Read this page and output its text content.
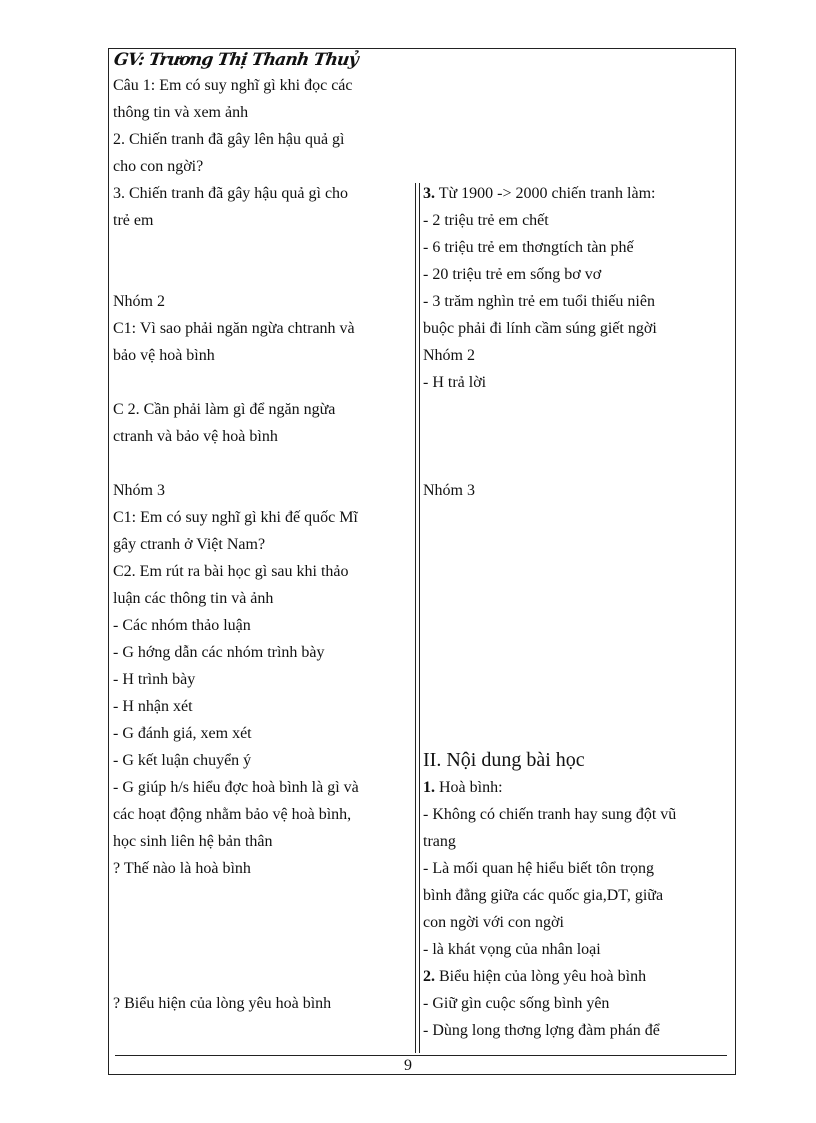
GV: Trương Thị Thanh Thuỷ
Câu 1: Em có suy nghĩ gì khi đọc các
thông tin và xem ảnh
2. Chiến tranh đã gây lên hậu quả gì
cho con ngời?
3. Chiến tranh đã gây hậu quả gì cho
trẻ em
Nhóm 2
C1: Vì sao phải ngăn ngừa chtranh và
bảo vệ hoà bình
C 2. Cần phải làm gì để ngăn ngừa
ctranh và bảo vệ hoà bình
Nhóm 3
C1: Em có suy nghĩ gì khi đế quốc Mĩ
gây ctranh ở Việt Nam?
C2. Em rút ra bài học gì sau khi thảo
luận các thông tin và ảnh
- Các nhóm thảo luận
- G hớng dẫn các nhóm trình bày
- H trình bày
- H nhận xét
- G đánh giá, xem xét
- G kết luận chuyển ý
- G giúp h/s hiểu đợc hoà bình là gì và
các hoạt động nhằm bảo vệ hoà bình,
học sinh liên hệ bản thân
? Thế nào là hoà bình
? Biểu hiện của lòng yêu hoà bình
3. Từ 1900 -> 2000 chiến tranh làm:
- 2 triệu trẻ em chết
- 6 triệu trẻ em thơngtích tàn phế
- 20 triệu trẻ em sống bơ vơ
- 3 trăm nghìn trẻ em tuổi thiếu niên
buộc phải đi lính cầm súng giết ngời
Nhóm 2
- H trả lời
Nhóm 3
II. Nội dung bài học
1. Hoà bình:
- Không có chiến tranh hay sung đột vũ
trang
- Là mối quan hệ hiểu biết tôn trọng
bình đẳng giữa các quốc gia,DT, giữa
con ngời với con ngời
- là khát vọng của nhân loại
2. Biểu hiện của lòng yêu hoà bình
- Giữ gìn cuộc sống bình yên
- Dùng long thơng lợng đàm phán để
9
